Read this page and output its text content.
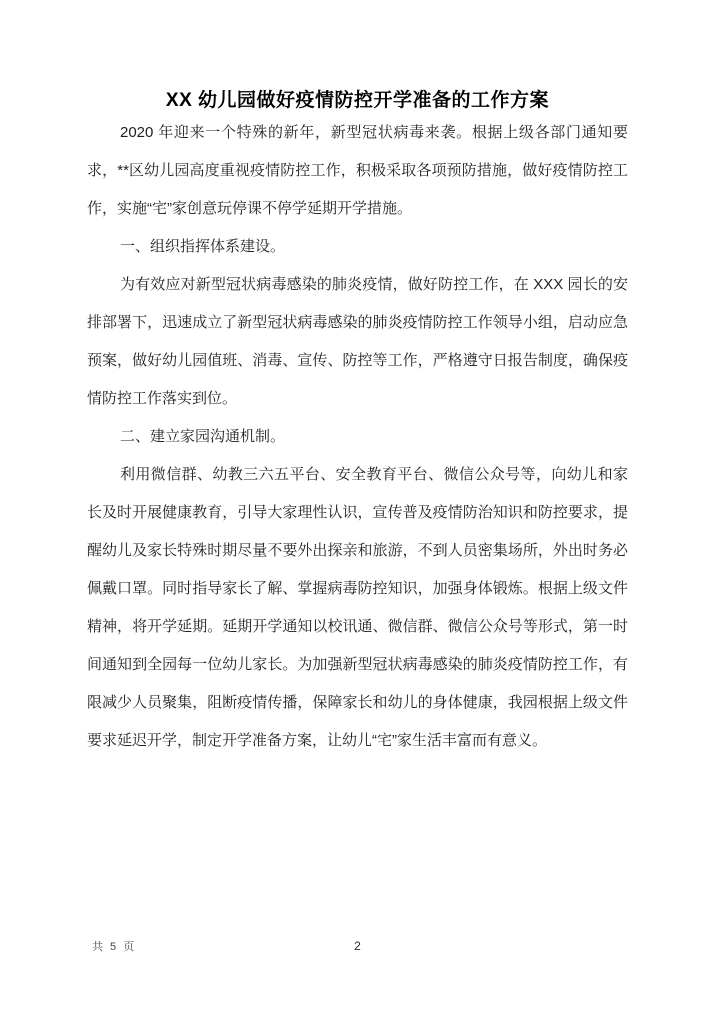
XX 幼儿园做好疫情防控开学准备的工作方案

2020 年迎来一个特殊的新年，新型冠状病毒来袭。根据上级各部门通知要求，**区幼儿园高度重视疫情防控工作，积极采取各项预防措施，做好疫情防控工作，实施“宅”家创意玩停课不停学延期开学措施。

一、组织指挥体系建设。

为有效应对新型冠状病毒感染的肺炎疫情，做好防控工作，在 XXX 园长的安排部署下，迅速成立了新型冠状病毒感染的肺炎疫情防控工作领导小组，启动应急预案，做好幼儿园值班、消毒、宣传、防控等工作，严格遵守日报告制度，确保疫情防控工作落实到位。

二、建立家园沟通机制。

利用微信群、幼教三六五平台、安全教育平台、微信公众号等，向幼儿和家长及时开展健康教育，引导大家理性认识，宣传普及疫情防治知识和防控要求，提醒幼儿及家长特殊时期尽量不要外出探亲和旅游，不到人员密集场所，外出时务必佩戴口罩。同时指导家长了解、掌握病毒防控知识，加强身体锻炼。根据上级文件精神，将开学延期。延期开学通知以校讯通、微信群、微信公众号等形式，第一时间通知到全园每一位幼儿家长。为加强新型冠状病毒感染的肺炎疫情防控工作，有限减少人员聚集，阻断疫情传播，保障家长和幼儿的身体健康，我园根据上级文件要求延迟开学，制定开学准备方案，让幼儿“宅”家生活丰富而有意义。

共 5 页	2
